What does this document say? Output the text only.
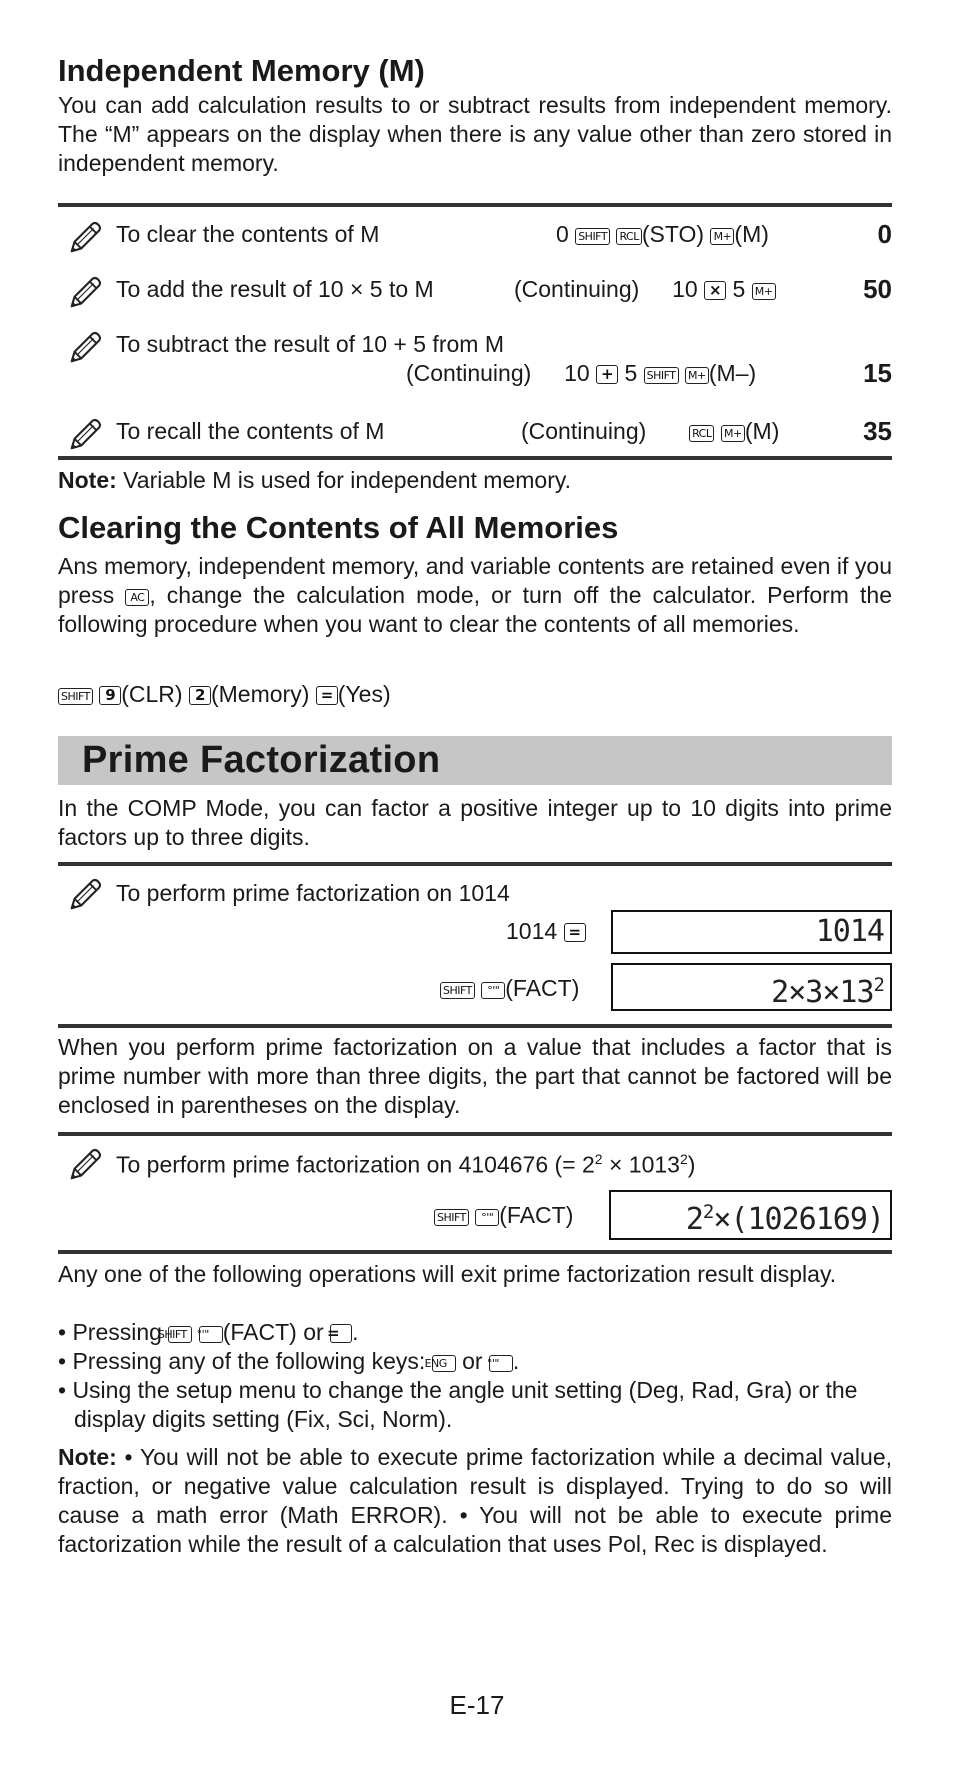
Independent Memory (M)

You can add calculation results to or subtract results from independent memory. The “M” appears on the display when there is any value other than zero stored in independent memory.

To clear the contents of M	0 SHIFT RCL (STO) M+ (M)	0
To add the result of 10 × 5 to M	(Continuing) 10 × 5 M+	50
To subtract the result of 10 + 5 from M
(Continuing) 10 + 5 SHIFT M+ (M–)	15
To recall the contents of M	(Continuing)	RCL M+ (M)	35

Note: Variable M is used for independent memory.

Clearing the Contents of All Memories

Ans memory, independent memory, and variable contents are retained even if you press AC , change the calculation mode, or turn off the calculator. Perform the following procedure when you want to clear the contents of all memories.

SHIFT 9 (CLR) 2 (Memory) = (Yes)

Prime Factorization

In the COMP Mode, you can factor a positive integer up to 10 digits into prime factors up to three digits.

To perform prime factorization on 1014
1014 =	1014
SHIFT °'" (FACT)	$2\times 3\times 13^2$

When you perform prime factorization on a value that includes a factor that is prime number with more than three digits, the part that cannot be factored will be enclosed in parentheses on the display.

To perform prime factorization on 4104676 (= $2^2 \times 1013^2$)
SHIFT °'" (FACT)	$2^2\times(1026169)$

Any one of the following operations will exit prime factorization result display.

• Pressing SHIFT °'" (FACT) or = .

• Pressing any of the following keys: ENG or °'" .

• Using the setup menu to change the angle unit setting (Deg, Rad, Gra) or the display digits setting (Fix, Sci, Norm).

Note: • You will not be able to execute prime factorization while a decimal value, fraction, or negative value calculation result is displayed. Trying to do so will cause a math error (Math ERROR). • You will not be able to execute prime factorization while the result of a calculation that uses Pol, Rec is displayed.

E-17
